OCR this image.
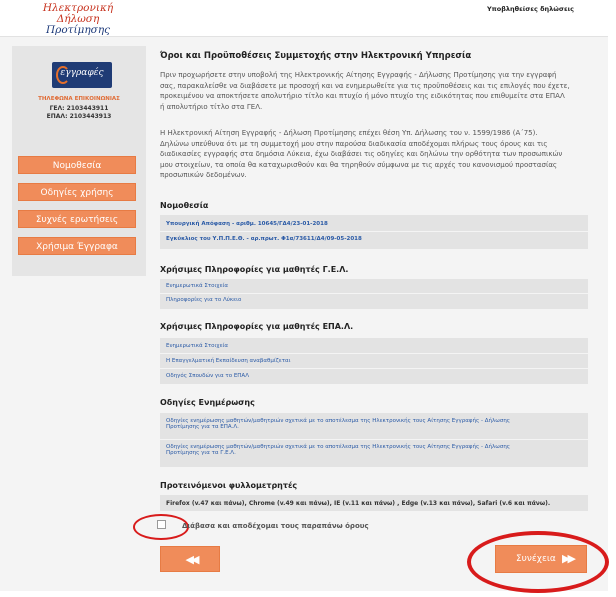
Ηλεκτρονική Δήλωση
Προτίμησης
Υποβληθείσες δηλώσεις
εγγραφές
ΤΗΛΕΦΩΝΑ ΕΠΙΚΟΙΝΩΝΙΑΣ
ΓΕΛ: 2103443911
ΕΠΑΛ: 2103443913
Νομοθεσία
Οδηγίες χρήσης
Συχνές ερωτήσεις
Χρήσιμα Έγγραφα
Όροι και Προϋποθέσεις Συμμετοχής στην Ηλεκτρονική Υπηρεσία
Πριν προχωρήσετε στην υποβολή της Ηλεκτρονικής Αίτησης Εγγραφής - Δήλωσης Προτίμησης για την εγγραφή
σας, παρακαλείσθε να διαβάσετε με προσοχή και να ενημερωθείτε για τις προϋποθέσεις και τις επιλογές που έχετε,
προκειμένου να αποκτήσετε απολυτήριο τίτλο και πτυχίο ή μόνο πτυχίο της ειδικότητας που επιθυμείτε στα ΕΠΑΛ
ή απολυτήριο τίτλο στα ΓΕΛ.
Η Ηλεκτρονική Αίτηση Εγγραφής - Δήλωση Προτίμησης επέχει θέση Υπ. Δήλωσης του ν. 1599/1986 (Α΄75).
Δηλώνω υπεύθυνα ότι με τη συμμετοχή μου στην παρούσα διαδικασία αποδέχομαι πλήρως τους όρους και τις
διαδικασίες εγγραφής στα δημόσια Λύκεια, έχω διαβάσει τις οδηγίες και δηλώνω την ορθότητα των προσωπικών
μου στοιχείων, τα οποία θα καταχωρισθούν και θα τηρηθούν σύμφωνα με τις αρχές του κανονισμού προστασίας
προσωπικών δεδομένων.
Νομοθεσία
Υπουργική Απόφαση - αριθμ. 10645/ΓΔ4/23-01-2018
Εγκύκλιος του Υ.Π.Π.Ε.Θ. - αρ.πρωτ. Φ1α/73611/Δ4/09-05-2018
Χρήσιμες Πληροφορίες για μαθητές Γ.Ε.Λ.
Ενημερωτικά Στοιχεία
Πληροφορίες για το Λύκειο
Χρήσιμες Πληροφορίες για μαθητές ΕΠΑ.Λ.
Ενημερωτικά Στοιχεία
Η Επαγγελματική Εκπαίδευση αναβαθμίζεται
Οδηγός Σπουδών για το ΕΠΑΛ
Οδηγίες Ενημέρωσης
Οδηγίες ενημέρωσης μαθητών/μαθητριών σχετικά με το αποτέλεσμα της Ηλεκτρονικής τους Αίτησης Εγγραφής - Δήλωσης
Προτίμησης για τα ΕΠΑ.Λ.
Οδηγίες ενημέρωσης μαθητών/μαθητριών σχετικά με το αποτέλεσμα της Ηλεκτρονικής τους Αίτησης Εγγραφής - Δήλωσης
Προτίμησης για τα Γ.Ε.Λ.
Προτεινόμενοι φυλλομετρητές
Firefox (v.47 και πάνω), Chrome (v.49 και πάνω), IE (v.11 και πάνω) , Edge (v.13 και πάνω), Safari (v.6 και πάνω).
Διάβασα και αποδέχομαι τους παραπάνω όρους
◀◀	Συνέχεια ▶▶
